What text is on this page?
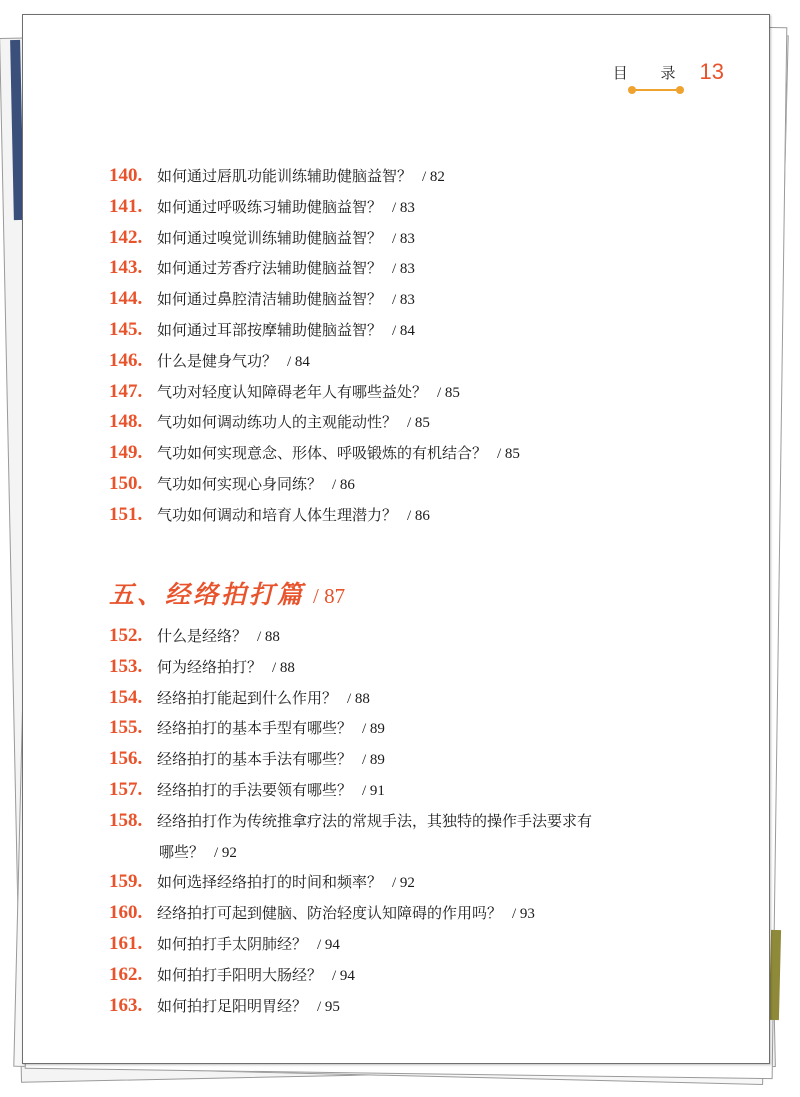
目 录 13
140. 如何通过唇肌功能训练辅助健脑益智？ / 82
141. 如何通过呼吸练习辅助健脑益智？ / 83
142. 如何通过嗅觉训练辅助健脑益智？ / 83
143. 如何通过芳香疗法辅助健脑益智？ / 83
144. 如何通过鼻腔清洁辅助健脑益智？ / 83
145. 如何通过耳部按摩辅助健脑益智？ / 84
146. 什么是健身气功？ / 84
147. 气功对轻度认知障碍老年人有哪些益处？ / 85
148. 气功如何调动练功人的主观能动性？ / 85
149. 气功如何实现意念、形体、呼吸锻炼的有机结合？ / 85
150. 气功如何实现心身同练？ / 86
151. 气功如何调动和培育人体生理潜力？ / 86
五、经络拍打篇 / 87
152. 什么是经络？ / 88
153. 何为经络拍打？ / 88
154. 经络拍打能起到什么作用？ / 88
155. 经络拍打的基本手型有哪些？ / 89
156. 经络拍打的基本手法有哪些？ / 89
157. 经络拍打的手法要领有哪些？ / 91
158. 经络拍打作为传统推拿疗法的常规手法，其独特的操作手法要求有
哪些？ / 92
159. 如何选择经络拍打的时间和频率？ / 92
160. 经络拍打可起到健脑、防治轻度认知障碍的作用吗？ / 93
161. 如何拍打手太阴肺经？ / 94
162. 如何拍打手阳明大肠经？ / 94
163. 如何拍打足阳明胃经？ / 95
